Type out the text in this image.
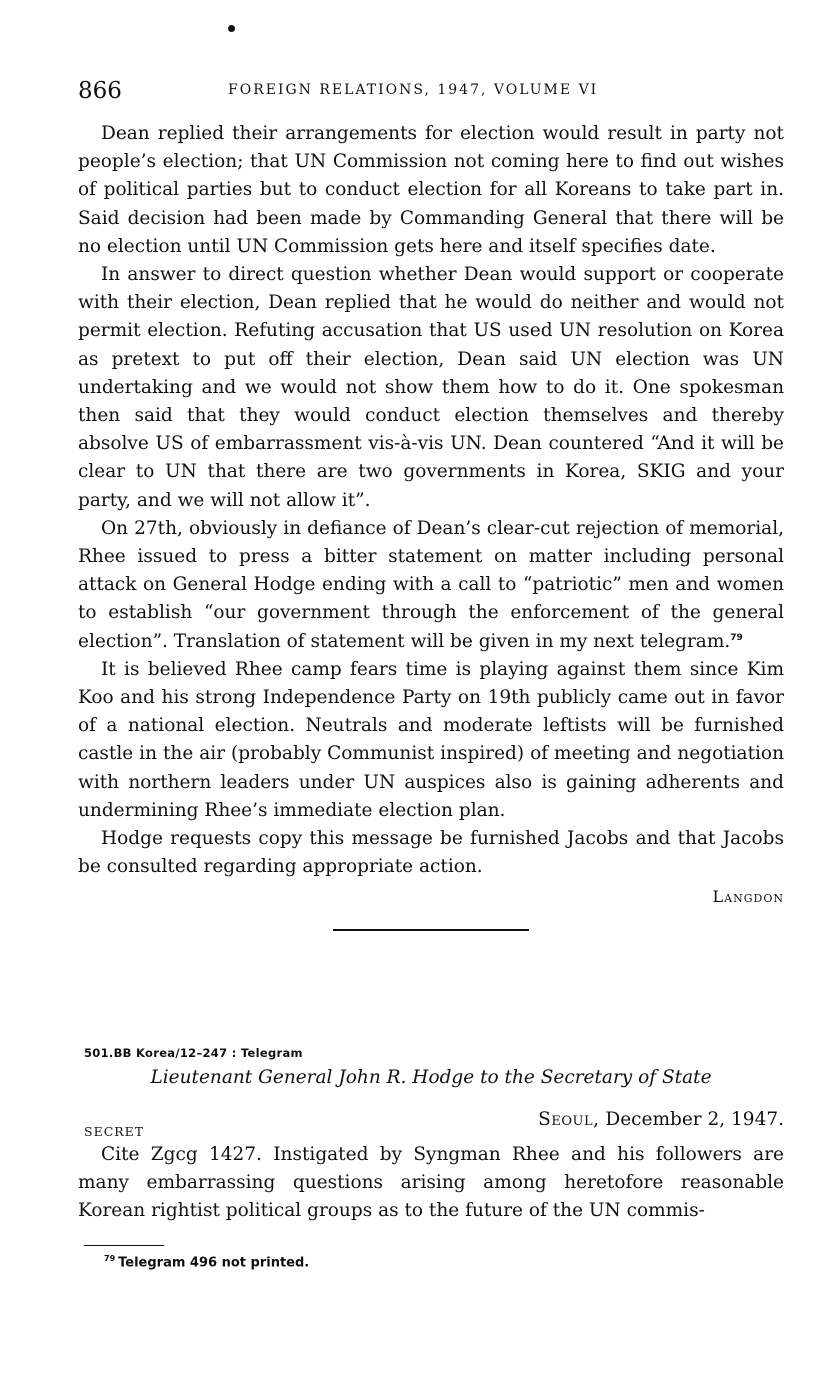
866	FOREIGN RELATIONS, 1947, VOLUME VI

Dean replied their arrangements for election would result in party not people’s election; that UN Commission not coming here to find out wishes of political parties but to conduct election for all Koreans to take part in. Said decision had been made by Commanding General that there will be no election until UN Commission gets here and itself specifies date.

In answer to direct question whether Dean would support or cooperate with their election, Dean replied that he would do neither and would not permit election. Refuting accusation that US used UN resolution on Korea as pretext to put off their election, Dean said UN election was UN undertaking and we would not show them how to do it. One spokesman then said that they would conduct election themselves and thereby absolve US of embarrassment vis-à-vis UN. Dean countered “And it will be clear to UN that there are two governments in Korea, SKIG and your party, and we will not allow it”.

On 27th, obviously in defiance of Dean’s clear-cut rejection of memorial, Rhee issued to press a bitter statement on matter including personal attack on General Hodge ending with a call to “patriotic” men and women to establish “our government through the enforcement of the general election”. Translation of statement will be given in my next telegram.$^{79}$

It is believed Rhee camp fears time is playing against them since Kim Koo and his strong Independence Party on 19th publicly came out in favor of a national election. Neutrals and moderate leftists will be furnished castle in the air (probably Communist inspired) of meeting and negotiation with northern leaders under UN auspices also is gaining adherents and undermining Rhee’s immediate election plan.

Hodge requests copy this message be furnished Jacobs and that Jacobs be consulted regarding appropriate action.

Langdon
501.BB Korea/12–247 : Telegram
Lieutenant General John R. Hodge to the Secretary of State
SECRET
Seoul, December 2, 1947.

Cite Zgcg 1427. Instigated by Syngman Rhee and his followers are many embarrassing questions arising among heretofore reasonable Korean rightist political groups as to the future of the UN commis-

$^{79}$ Telegram 496 not printed.
